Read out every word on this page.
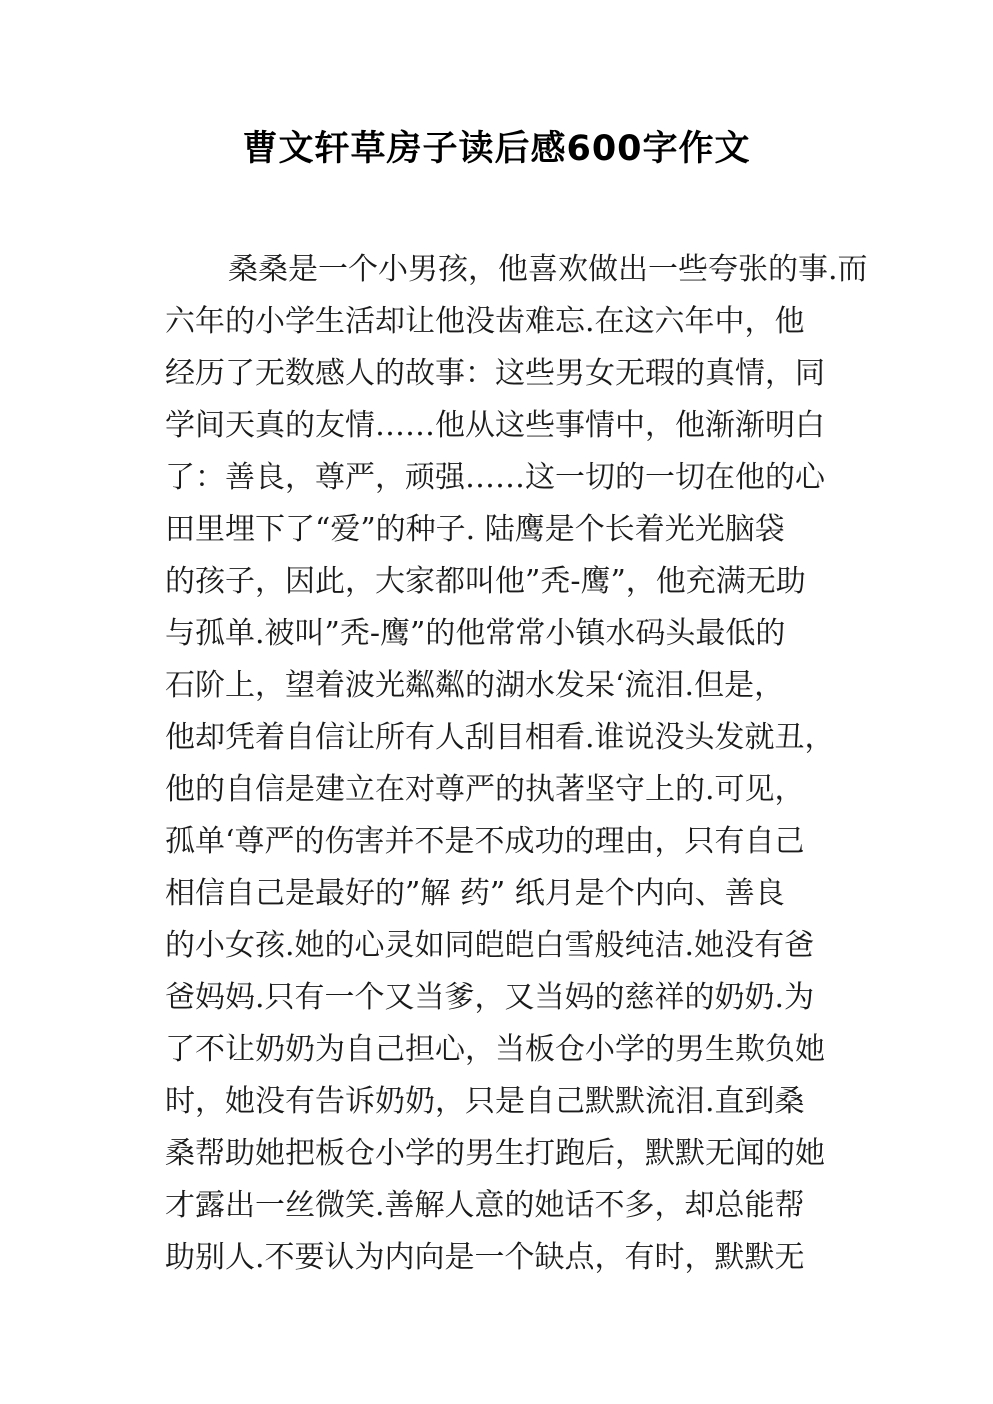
曹文轩草房子读后感600字作文
桑桑是一个小男孩，他喜欢做出一些夸张的事.而
六年的小学生活却让他没齿难忘.在这六年中，他
经历了无数感人的故事：这些男女无瑕的真情，同
学间天真的友情……他从这些事情中，他渐渐明白
了：善良，尊严，顽强……这一切的一切在他的心
田里埋下了“爱”的种子. 陆鹰是个长着光光脑袋
的孩子，因此，大家都叫他”秃-鹰”，他充满无助
与孤单.被叫”秃-鹰”的他常常小镇水码头最低的
石阶上，望着波光粼粼的湖水发呆‘流泪.但是，
他却凭着自信让所有人刮目相看.谁说没头发就丑，
他的自信是建立在对尊严的执著坚守上的.可见，
孤单‘尊严的伤害并不是不成功的理由，只有自己
相信自己是最好的”解 药” 纸月是个内向、善良
的小女孩.她的心灵如同皑皑白雪般纯洁.她没有爸
爸妈妈.只有一个又当爹，又当妈的慈祥的奶奶.为
了不让奶奶为自己担心，当板仓小学的男生欺负她
时，她没有告诉奶奶，只是自己默默流泪.直到桑
桑帮助她把板仓小学的男生打跑后，默默无闻的她
才露出一丝微笑.善解人意的她话不多，却总能帮
助别人.不要认为内向是一个缺点，有时，默默无
